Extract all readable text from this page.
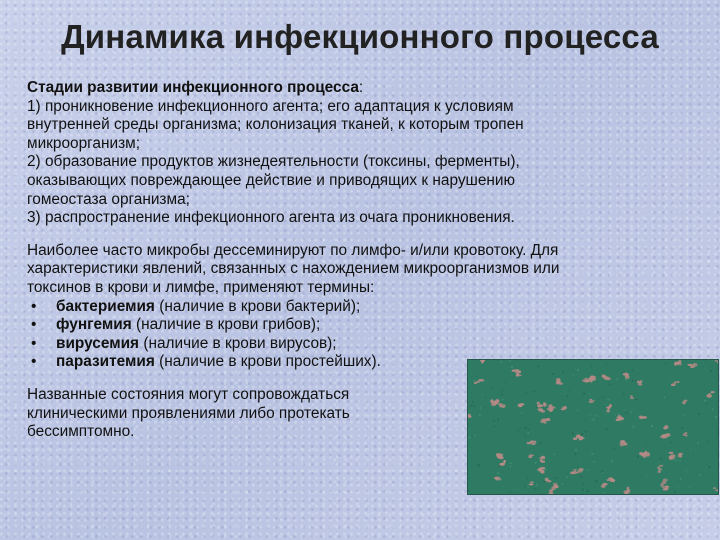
Динамика инфекционного процесса

Стадии развитии инфекционного процесса:
1) проникновение инфекционного агента; его адаптация к условиям
внутренней среды организма; колонизация тканей, к которым тропен
микроорганизм;
2) образование продуктов жизнедеятельности (токсины, ферменты),
оказывающих повреждающее действие и приводящих к нарушению
гомеостаза организма;
3) распространение инфекционного агента из очага проникновения.

Наиболее часто микробы дессеминируют по лимфо- и/или кровотоку. Для
характеристики явлений, связанных с нахождением микроорганизмов или
токсинов в крови и лимфе, применяют термины:
• бактериемия (наличие в крови бактерий);
• фунгемия (наличие в крови грибов);
• вирусемия (наличие в крови вирусов);
• паразитемия (наличие в крови простейших).

Названные состояния могут сопровождаться
клиническими проявлениями либо протекать
бессимптомно.
